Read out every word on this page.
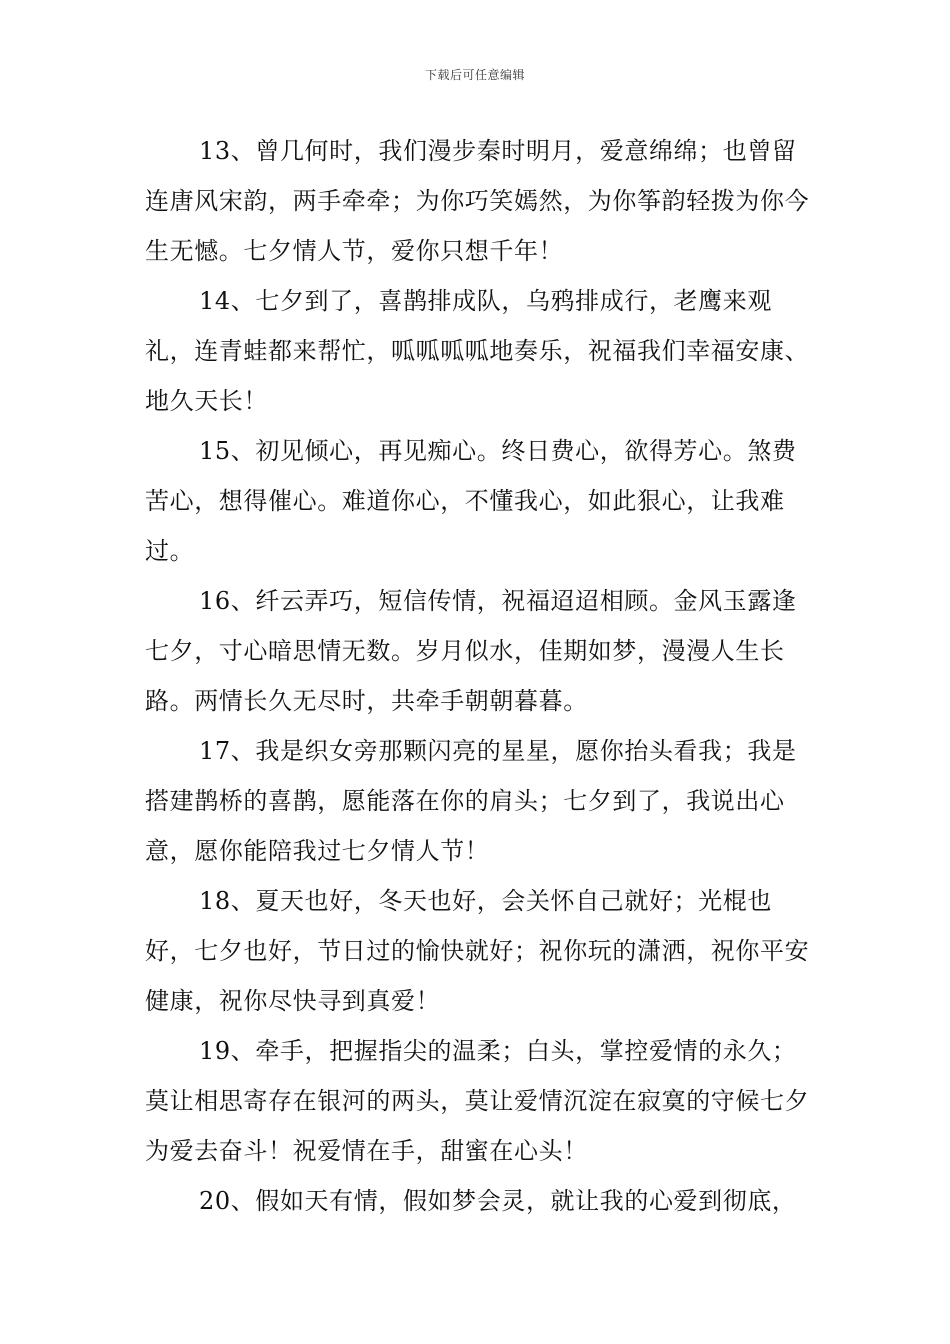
下载后可任意编辑

13、曾几何时，我们漫步秦时明月，爱意绵绵；也曾留连唐风宋韵，两手牵牵；为你巧笑嫣然，为你筝韵轻拨为你今生无憾。七夕情人节，爱你只想千年！

14、七夕到了，喜鹊排成队，乌鸦排成行，老鹰来观礼，连青蛙都来帮忙，呱呱呱呱地奏乐，祝福我们幸福安康、地久天长！

15、初见倾心，再见痴心。终日费心，欲得芳心。煞费苦心，想得催心。难道你心，不懂我心，如此狠心，让我难过。

16、纤云弄巧，短信传情，祝福迢迢相顾。金风玉露逢七夕，寸心暗思情无数。岁月似水，佳期如梦，漫漫人生长路。两情长久无尽时，共牵手朝朝暮暮。

17、我是织女旁那颗闪亮的星星，愿你抬头看我；我是搭建鹊桥的喜鹊，愿能落在你的肩头；七夕到了，我说出心意，愿你能陪我过七夕情人节！

18、夏天也好，冬天也好，会关怀自己就好；光棍也好，七夕也好，节日过的愉快就好；祝你玩的潇洒，祝你平安健康，祝你尽快寻到真爱！

19、牵手，把握指尖的温柔；白头，掌控爱情的永久；莫让相思寄存在银河的两头，莫让爱情沉淀在寂寞的守候七夕为爱去奋斗！祝爱情在手，甜蜜在心头！

20、假如天有情，假如梦会灵，就让我的心爱到彻底，
